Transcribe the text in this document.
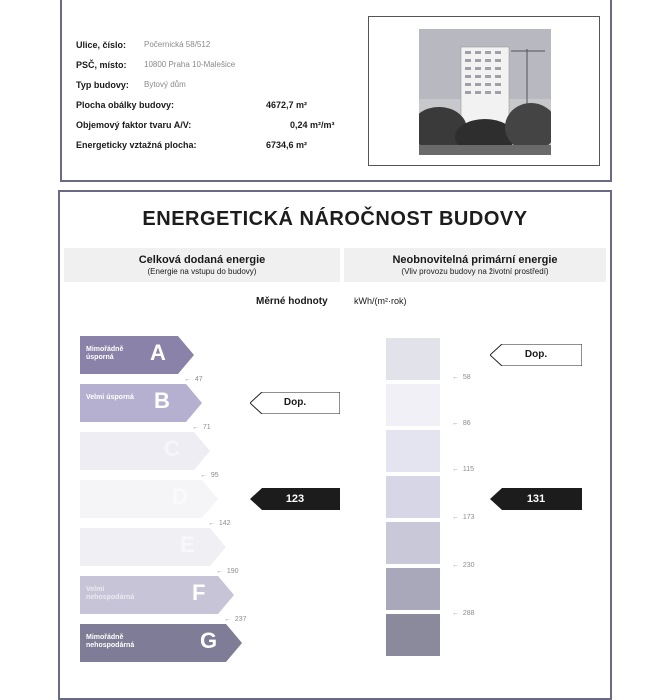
Ulice, číslo: Počernická 58/512
PSČ, místo: 10800 Praha 10-Malešice
Typ budovy: Bytový dům
Plocha obálky budovy:	4672,7 m²
Objemový faktor tvaru A/V:	0,24 m²/m³
Energeticky vztažná plocha:	6734,6 m²
ENERGETICKÁ NÁROČNOST BUDOVY
Celková dodaná energie
(Energie na vstupu do budovy)
Neobnovitelná primární energie
(Vliv provozu budovy na životní prostředí)
Měrné hodnoty	kWh/(m²·rok)
Mimořádně úsporná	A
Velmi úsporná B
C
D
E
Velmi nehospodárná	F
Mimořádně nehospodárná	G
←  47
←  71
←  95
←  142
←  190
←  237
Dop.
123
←  58
←  86
←  115
←  173
←  230
←  288
Dop.
131
